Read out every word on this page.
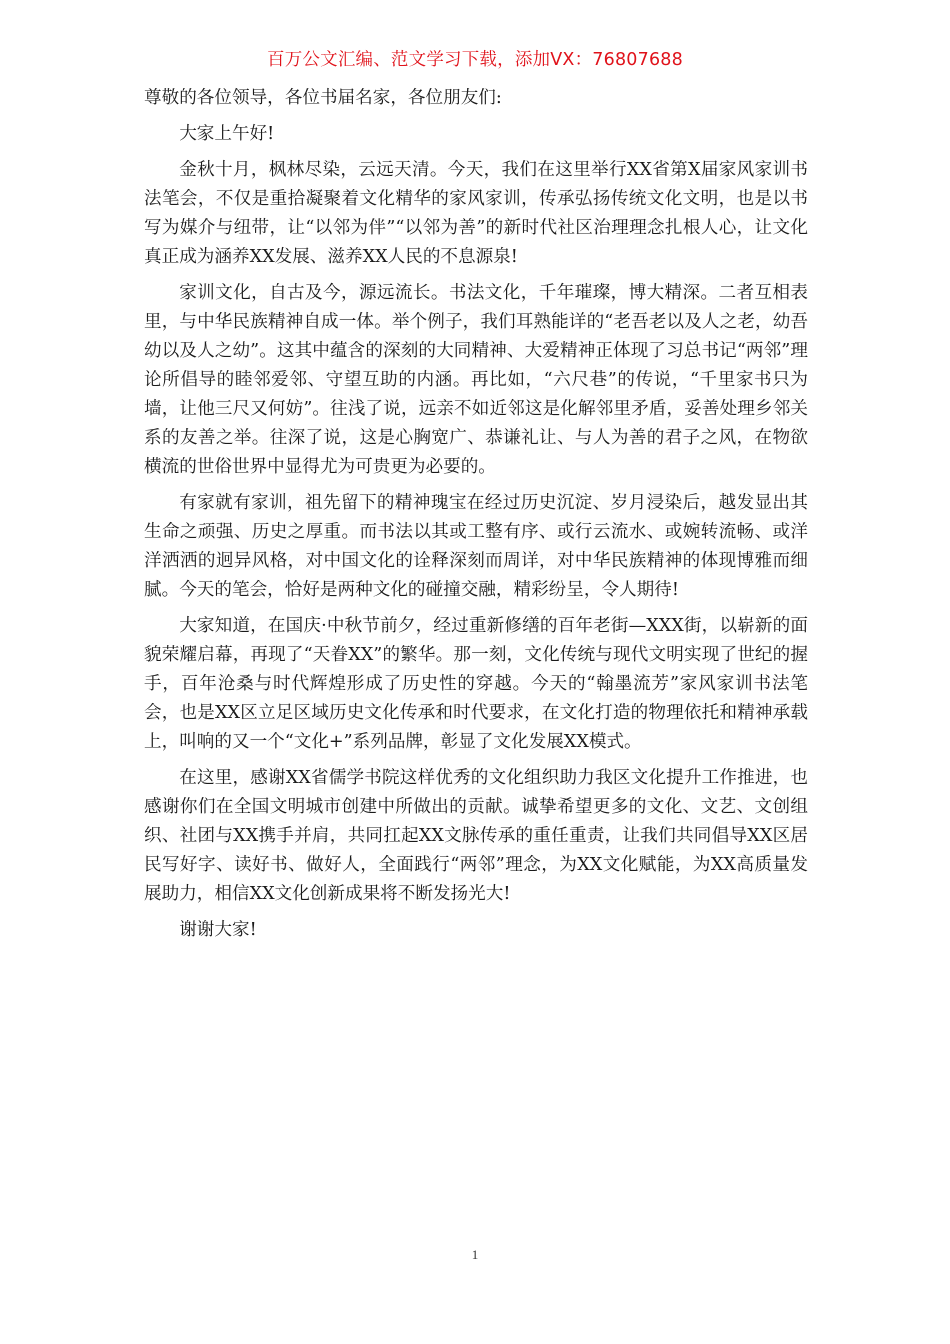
百万公文汇编、范文学习下载，添加VX：76807688

尊敬的各位领导，各位书届名家，各位朋友们:

大家上午好!

金秋十月，枫林尽染，云远天清。今天，我们在这里举行XX省第X届家风家训书法笔会，不仅是重拾凝聚着文化精华的家风家训，传承弘扬传统文化文明，也是以书写为媒介与纽带，让“以邻为伴”“以邻为善”的新时代社区治理理念扎根人心，让文化真正成为涵养XX发展、滋养XX人民的不息源泉!

家训文化，自古及今，源远流长。书法文化，千年璀璨，博大精深。二者互相表里，与中华民族精神自成一体。举个例子，我们耳熟能详的“老吾老以及人之老，幼吾幼以及人之幼”。这其中蕴含的深刻的大同精神、大爱精神正体现了习总书记“两邻”理论所倡导的睦邻爱邻、守望互助的内涵。再比如，“六尺巷”的传说，“千里家书只为墙，让他三尺又何妨”。往浅了说，远亲不如近邻这是化解邻里矛盾，妥善处理乡邻关系的友善之举。往深了说，这是心胸宽广、恭谦礼让、与人为善的君子之风，在物欲横流的世俗世界中显得尤为可贵更为必要的。

有家就有家训，祖先留下的精神瑰宝在经过历史沉淀、岁月浸染后，越发显出其生命之顽强、历史之厚重。而书法以其或工整有序、或行云流水、或婉转流畅、或洋洋洒洒的迥异风格，对中国文化的诠释深刻而周详，对中华民族精神的体现博雅而细腻。今天的笔会，恰好是两种文化的碰撞交融，精彩纷呈，令人期待!

大家知道，在国庆·中秋节前夕，经过重新修缮的百年老街—XXX街，以崭新的面貌荣耀启幕，再现了“天眷XX”的繁华。那一刻，文化传统与现代文明实现了世纪的握手，百年沧桑与时代辉煌形成了历史性的穿越。今天的“翰墨流芳”家风家训书法笔会，也是XX区立足区域历史文化传承和时代要求，在文化打造的物理依托和精神承载上，叫响的又一个“文化+”系列品牌，彰显了文化发展XX模式。

在这里，感谢XX省儒学书院这样优秀的文化组织助力我区文化提升工作推进，也感谢你们在全国文明城市创建中所做出的贡献。诚挚希望更多的文化、文艺、文创组织、社团与XX携手并肩，共同扛起XX文脉传承的重任重责，让我们共同倡导XX区居民写好字、读好书、做好人，全面践行“两邻”理念，为XX文化赋能，为XX高质量发展助力，相信XX文化创新成果将不断发扬光大!

谢谢大家!

1
